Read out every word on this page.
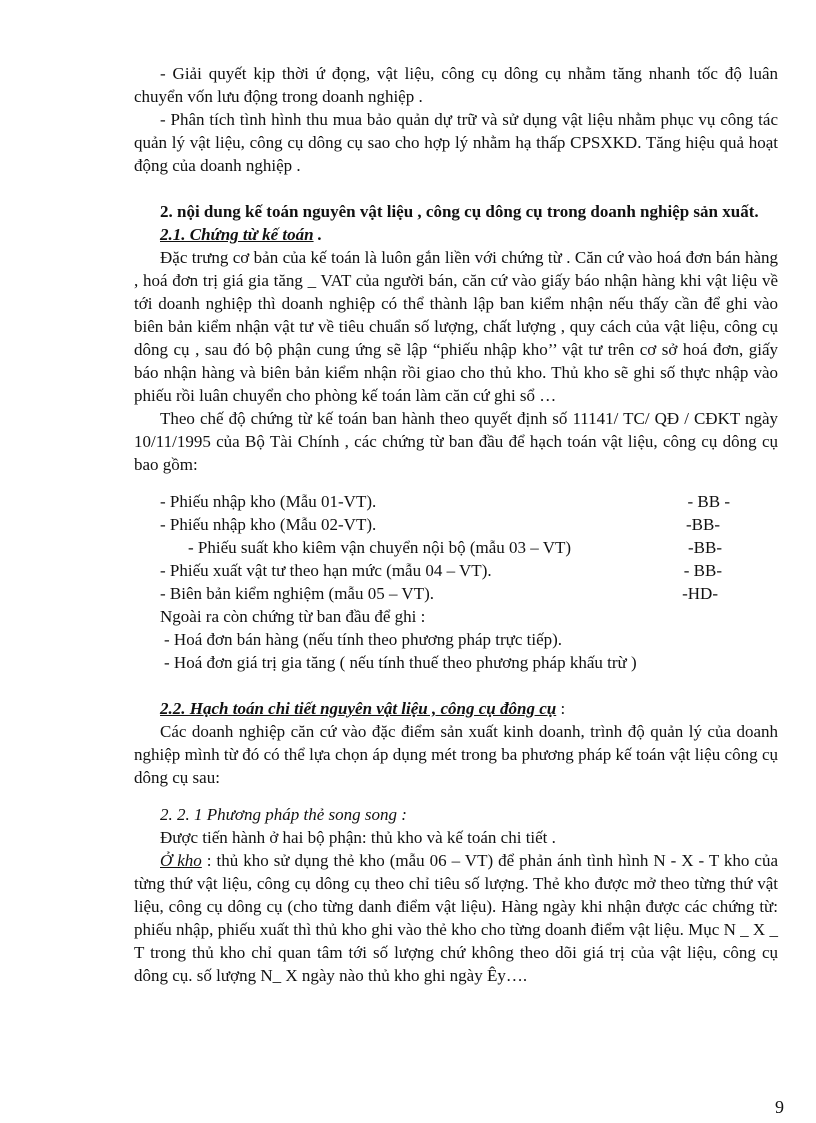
- Giải quyết kịp thời ứ đọng, vật liệu, công cụ dông cụ nhằm tăng nhanh tốc độ luân chuyển vốn lưu động trong doanh nghiệp .

- Phân tích tình hình thu mua bảo quản dự trữ và sử dụng vật liệu nhằm phục vụ công tác quản lý vật liệu, công cụ dông cụ sao cho hợp lý nhằm hạ thấp CPSXKD. Tăng hiệu quả hoạt động của doanh nghiệp .

2. nội dung kế toán nguyên vật liệu , công cụ dông cụ trong doanh nghiệp sản xuất.

2.1. Chứng từ kế toán .

Đặc trưng cơ bản của kế toán là luôn gắn liền với chứng từ . Căn cứ vào hoá đơn bán hàng , hoá đơn trị giá gia tăng _ VAT của người bán, căn cứ vào giấy báo nhận hàng khi vật liệu về tới doanh nghiệp thì doanh nghiệp có thể thành lập ban kiểm nhận nếu thấy cần để ghi vào biên bản kiểm nhận vật tư về tiêu chuẩn số lượng, chất lượng , quy cách của vật liệu, công cụ dông cụ , sau đó bộ phận cung ứng sẽ lập “phiếu nhập kho’’ vật tư trên cơ sở hoá đơn, giấy báo nhận hàng và biên bản kiểm nhận rồi giao cho thủ kho. Thủ kho sẽ ghi số thực nhập vào phiếu rồi luân chuyển cho phòng kế toán làm căn cứ ghi sổ …

Theo chế độ chứng từ kế toán ban hành theo quyết định số 11141/ TC/ QĐ / CĐKT ngày 10/11/1995 của Bộ Tài Chính , các chứng từ ban đầu để hạch toán vật liệu, công cụ dông cụ bao gồm:

- Phiếu nhập kho (Mẫu 01-VT).	- BB -
- Phiếu nhập kho (Mẫu 02-VT).	-BB-
- Phiếu suất kho kiêm vận chuyển nội bộ (mẫu 03 – VT)	-BB-
- Phiếu xuất vật tư theo hạn mức (mẫu 04 – VT).	- BB-
- Biên bản kiểm nghiệm (mẫu 05 – VT).	-HD-

Ngoài ra còn chứng từ ban đầu để ghi :

- Hoá đơn bán hàng (nếu tính theo phương pháp trực tiếp).

- Hoá đơn giá trị gia tăng ( nếu tính thuế theo phương pháp khấu trừ )

2.2. Hạch toán chi tiết nguyên vật liệu , công cụ đông cụ :

Các doanh nghiệp căn cứ vào đặc điểm sản xuất kinh doanh, trình độ quản lý của doanh nghiệp mình từ đó có thể lựa chọn áp dụng mét trong ba phương pháp kế toán vật liệu công cụ dông cụ sau:

2. 2. 1 Phương pháp thẻ song song :

Được tiến hành ở hai bộ phận: thủ kho và kế toán chi tiết .

Ở kho : thủ kho sử dụng thẻ kho (mẫu 06 – VT) để phản ánh tình hình N - X - T kho của từng thứ vật liệu, công cụ dông cụ theo chỉ tiêu số lượng. Thẻ kho được mở theo từng thứ vật liệu, công cụ dông cụ (cho từng danh điểm vật liệu). Hàng ngày khi nhận được các chứng từ: phiếu nhập, phiếu xuất thì thủ kho ghi vào thẻ kho cho từng doanh điểm vật liệu. Mục N _ X _ T trong thủ kho chỉ quan tâm tới số lượng chứ không theo dõi giá trị của vật liệu, công cụ dông cụ. số lượng N_ X ngày nào thủ kho ghi ngày Êy….

9
